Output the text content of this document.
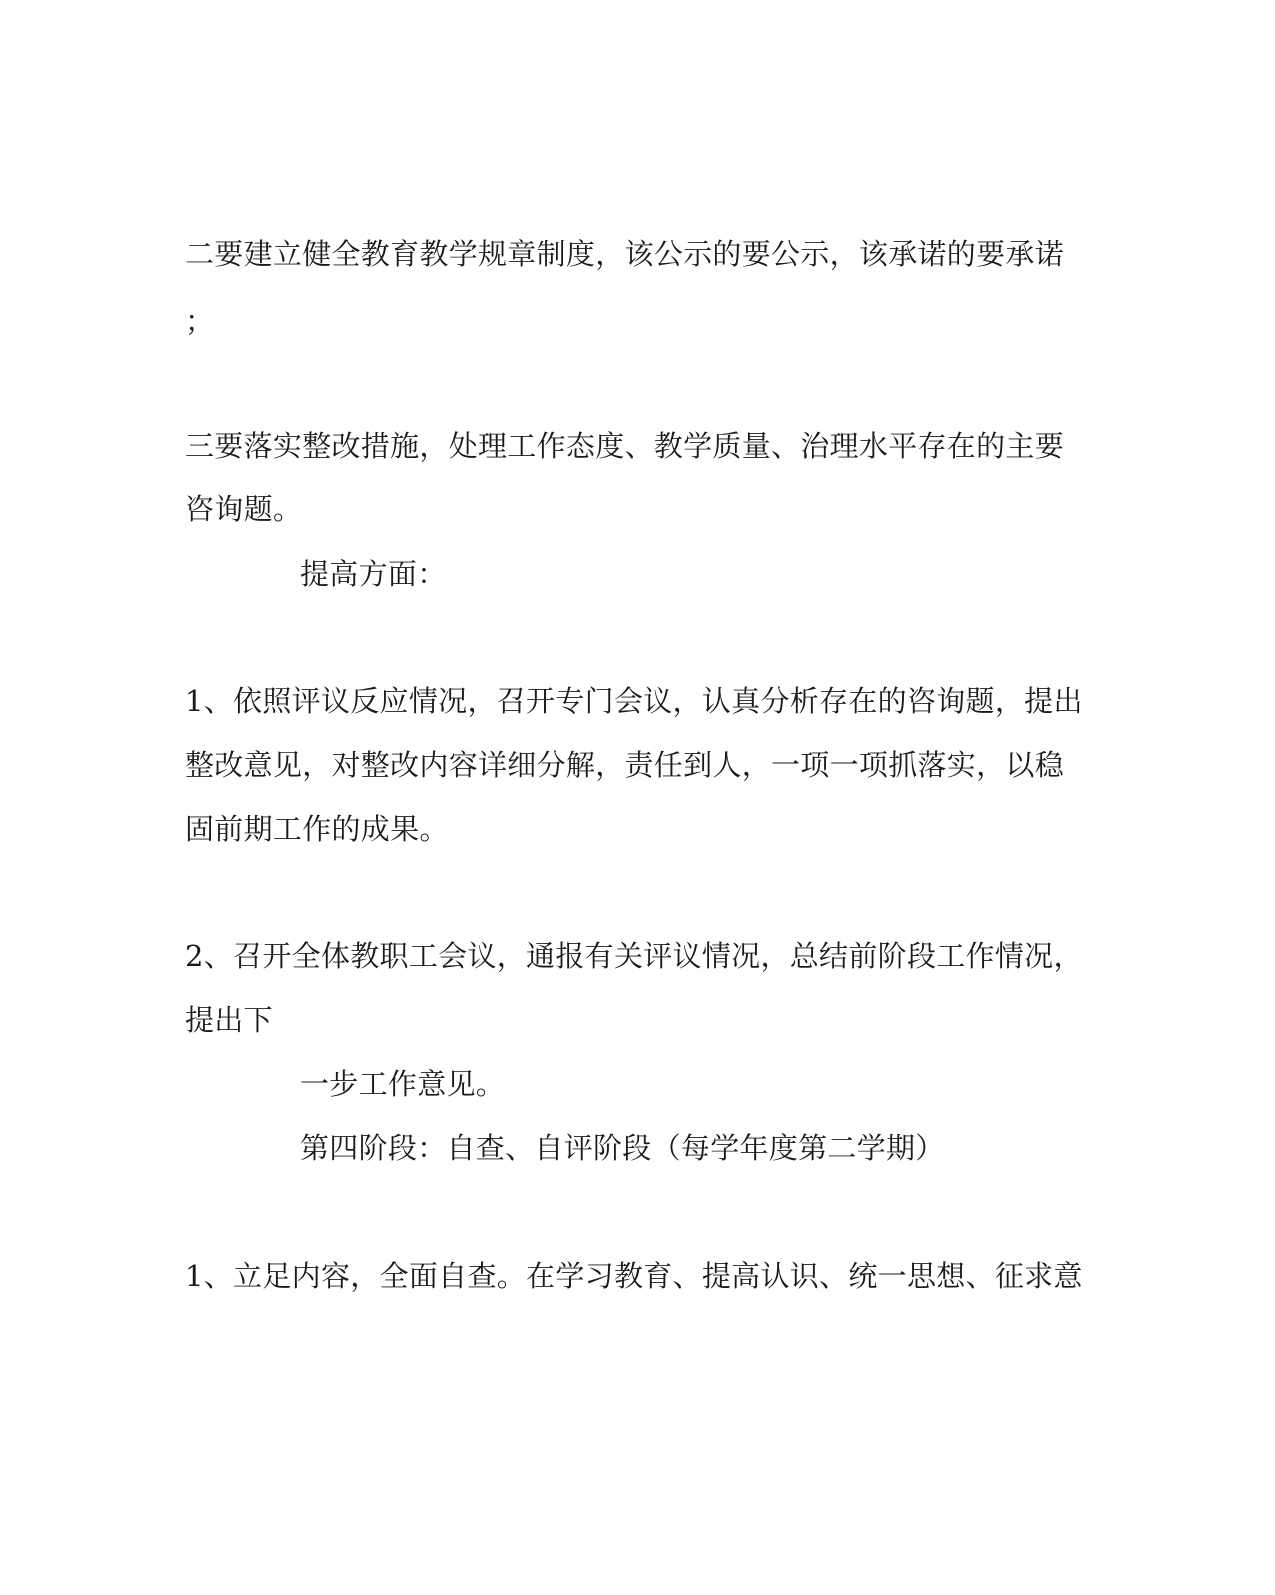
二要建立健全教育教学规章制度，该公示的要公示，该承诺的要承诺

；

三要落实整改措施，处理工作态度、教学质量、治理水平存在的主要

咨询题。

提高方面：

1、依照评议反应情况，召开专门会议，认真分析存在的咨询题，提出

整改意见，对整改内容详细分解，责任到人，一项一项抓落实，以稳

固前期工作的成果。

2、召开全体教职工会议，通报有关评议情况，总结前阶段工作情况，

提出下

一步工作意见。

第四阶段：自查、自评阶段（每学年度第二学期）

1、立足内容，全面自查。在学习教育、提高认识、统一思想、征求意
